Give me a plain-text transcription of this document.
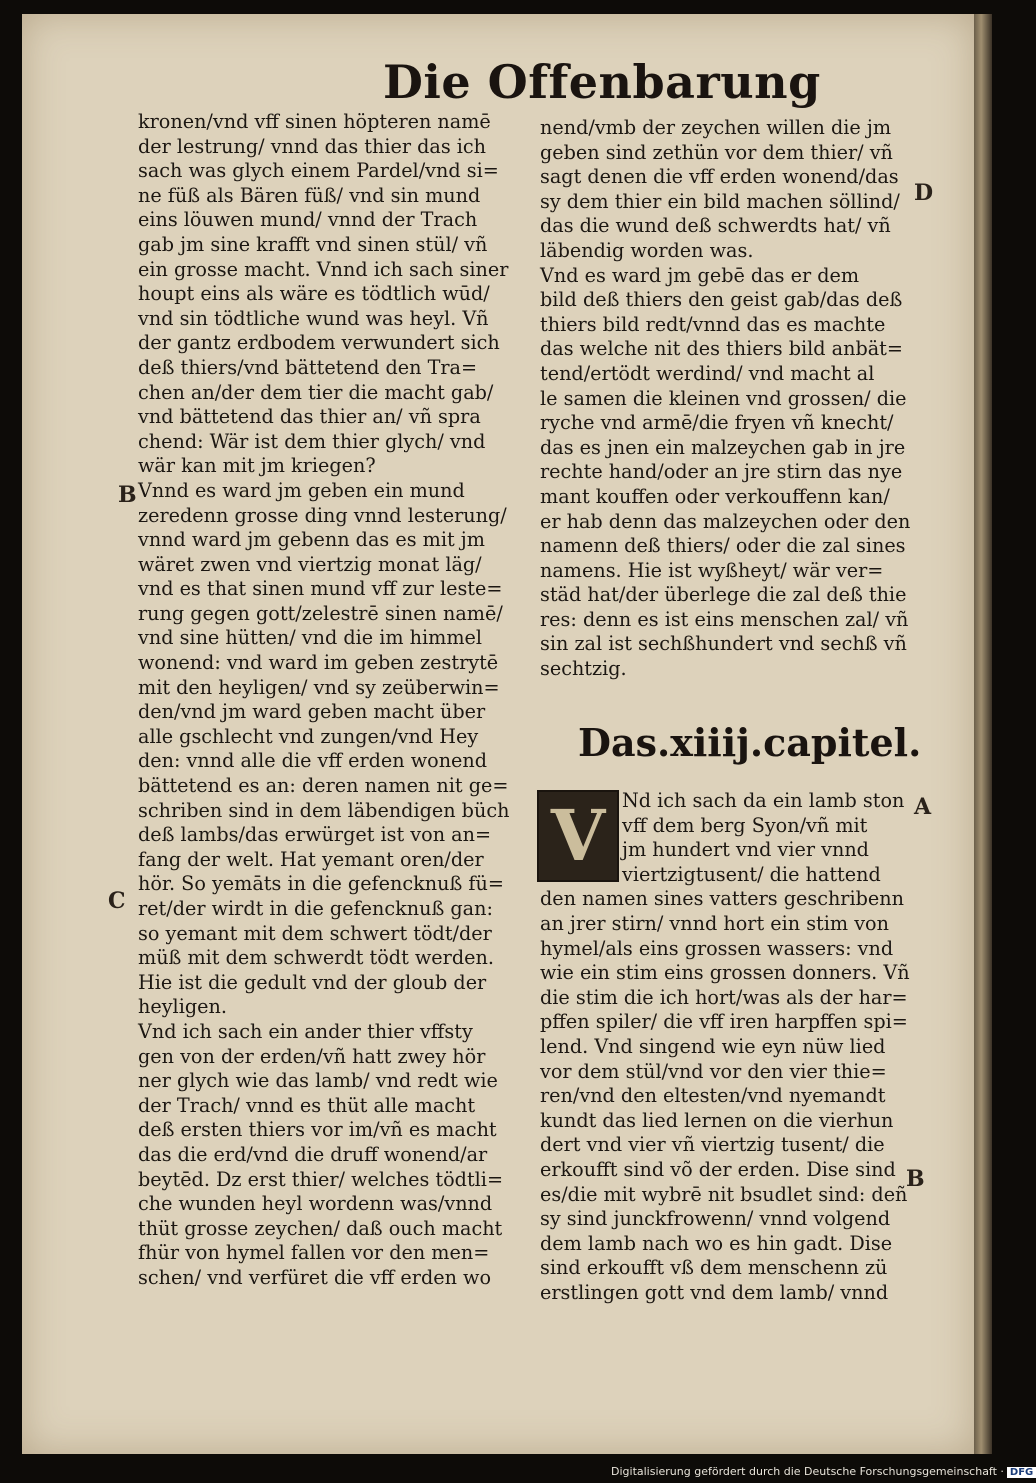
Die Offenbarung
kronen/vnd vff sinen höpteren namē
der lestrung/ vnnd das thier das ich
sach was glych einem Pardel/vnd si=
ne füß als Bären füß/ vnd sin mund
eins löuwen mund/ vnnd der Trach
gab jm sine krafft vnd sinen stül/ vñ
ein grosse macht. Vnnd ich sach siner
houpt eins als wäre es tödtlich wūd/
vnd sin tödtliche wund was heyl. Vñ
der gantz erdbodem verwundert sich
deß thiers/vnd bättetend den Tra=
chen an/der dem tier die macht gab/
vnd bättetend das thier an/ vñ spra
chend: Wär ist dem thier glych/ vnd
wär kan mit jm kriegen?
Vnnd es ward jm geben ein mund
zeredenn grosse ding vnnd lesterung/
vnnd ward jm gebenn das es mit jm
wäret zwen vnd viertzig monat läg/
vnd es that sinen mund vff zur leste=
rung gegen gott/zelestrē sinen namē/
vnd sine hütten/ vnd die im himmel
wonend: vnd ward im geben zestrytē
mit den heyligen/ vnd sy zeüberwin=
den/vnd jm ward geben macht über
alle gschlecht vnd zungen/vnd Hey
den: vnnd alle die vff erden wonend
bättetend es an: deren namen nit ge=
schriben sind in dem läbendigen büch
deß lambs/das erwürget ist von an=
fang der welt. Hat yemant oren/der
hör. So yemāts in die gefencknuß fü=
ret/der wirdt in die gefencknuß gan:
so yemant mit dem schwert tödt/der
müß mit dem schwerdt tödt werden.
Hie ist die gedult vnd der gloub der
heyligen.
Vnd ich sach ein ander thier vffsty
gen von der erden/vñ hatt zwey hör
ner glych wie das lamb/ vnd redt wie
der Trach/ vnnd es thüt alle macht
deß ersten thiers vor im/vñ es macht
das die erd/vnd die druff wonend/ar
beytēd. Dz erst thier/ welches tödtli=
che wunden heyl wordenn was/vnnd
thüt grosse zeychen/ daß ouch macht
fhür von hymel fallen vor den men=
schen/ vnd verfüret die vff erden wo
nend/vmb der zeychen willen die jm
geben sind zethün vor dem thier/ vñ
sagt denen die vff erden wonend/das
sy dem thier ein bild machen söllind/
das die wund deß schwerdts hat/ vñ
läbendig worden was.
Vnd es ward jm gebē das er dem
bild deß thiers den geist gab/das deß
thiers bild redt/vnnd das es machte
das welche nit des thiers bild anbät=
tend/ertödt werdind/ vnd macht al
le samen die kleinen vnd grossen/ die
ryche vnd armē/die fryen vñ knecht/
das es jnen ein malzeychen gab in jre
rechte hand/oder an jre stirn das nye
mant kouffen oder verkouffenn kan/
er hab denn das malzeychen oder den
namenn deß thiers/ oder die zal sines
namens. Hie ist wyßheyt/ wär ver=
städ hat/der überlege die zal deß thie
res: denn es ist eins menschen zal/ vñ
sin zal ist sechßhundert vnd sechß vñ
sechtzig.
Das.xiiij.capitel.
V Nd ich sach da ein lamb ston
vff dem berg Syon/vñ mit
jm hundert vnd vier vnnd
viertzigtusent/ die hattend
den namen sines vatters geschribenn
an jrer stirn/ vnnd hort ein stim von
hymel/als eins grossen wassers: vnd
wie ein stim eins grossen donners. Vñ
die stim die ich hort/was als der har=
pffen spiler/ die vff iren harpffen spi=
lend. Vnd singend wie eyn nüw lied
vor dem stül/vnd vor den vier thie=
ren/vnd den eltesten/vnd nyemandt
kundt das lied lernen on die vierhun
dert vnd vier vñ viertzig tusent/ die
erkoufft sind võ der erden. Dise sind
es/die mit wybrē nit bsudlet sind: deñ
sy sind junckfrowenn/ vnnd volgend
dem lamb nach wo es hin gadt. Dise
sind erkoufft vß dem menschenn zü
erstlingen gott vnd dem lamb/ vnnd
B
C
D
A
B
Digitalisierung gefördert durch die Deutsche Forschungsgemeinschaft · DFG
